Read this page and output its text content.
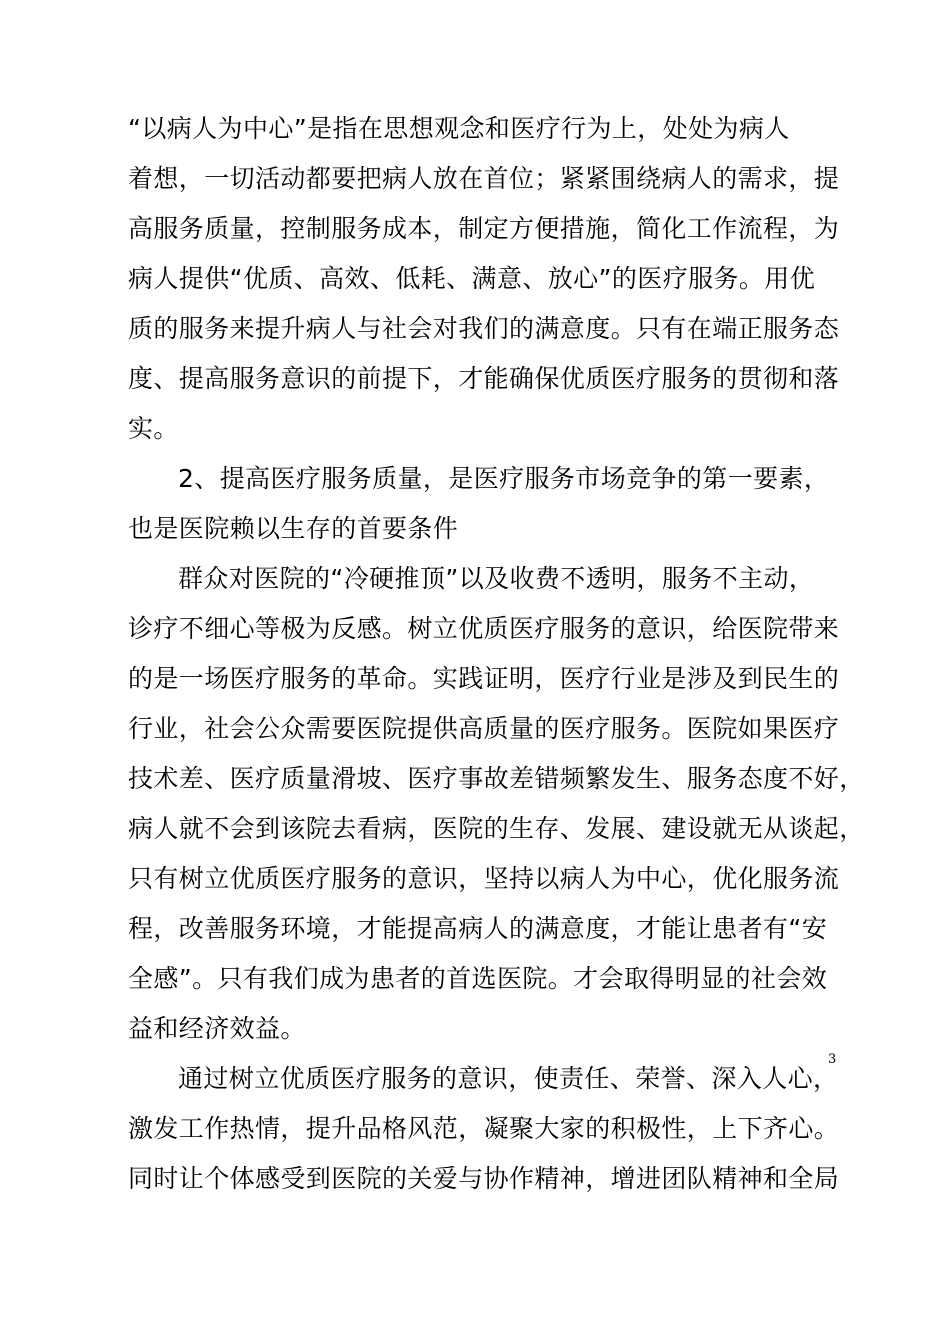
“以病人为中心”是指在思想观念和医疗行为上，处处为病人
着想，一切活动都要把病人放在首位；紧紧围绕病人的需求，提
高服务质量，控制服务成本，制定方便措施，简化工作流程，为
病人提供“优质、高效、低耗、满意、放心”的医疗服务。用优
质的服务来提升病人与社会对我们的满意度。只有在端正服务态
度、提高服务意识的前提下，才能确保优质医疗服务的贯彻和落
实。
2、提高医疗服务质量，是医疗服务市场竞争的第一要素，
也是医院赖以生存的首要条件
群众对医院的“冷硬推顶”以及收费不透明，服务不主动，
诊疗不细心等极为反感。树立优质医疗服务的意识，给医院带来
的是一场医疗服务的革命。实践证明，医疗行业是涉及到民生的
行业，社会公众需要医院提供高质量的医疗服务。医院如果医疗
技术差、医疗质量滑坡、医疗事故差错频繁发生、服务态度不好，
病人就不会到该院去看病，医院的生存、发展、建设就无从谈起，
只有树立优质医疗服务的意识，坚持以病人为中心，优化服务流
程，改善服务环境，才能提高病人的满意度，才能让患者有“安
全感”。只有我们成为患者的首选医院。才会取得明显的社会效
益和经济效益。
通过树立优质医疗服务的意识，使责任、荣誉、深入人心，
激发工作热情，提升品格风范，凝聚大家的积极性，上下齐心。
同时让个体感受到医院的关爱与协作精神，增进团队精神和全局
3
